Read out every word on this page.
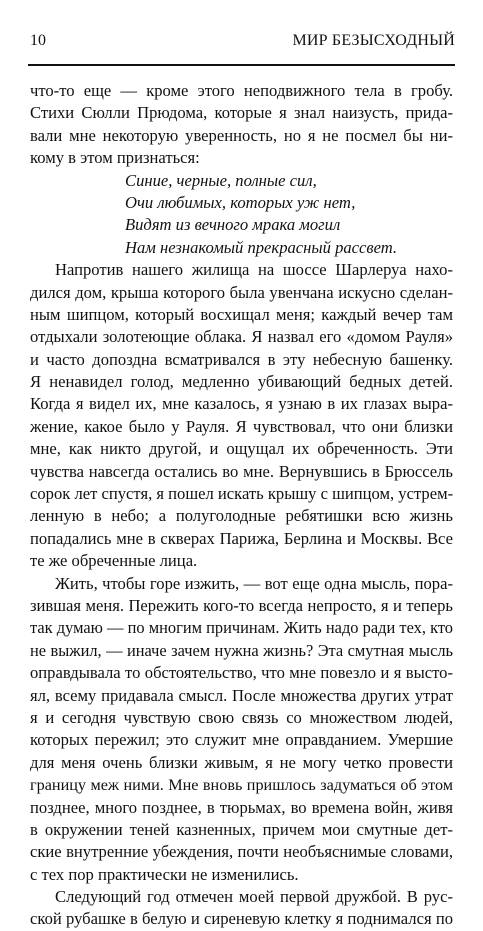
10	МИР БЕЗЫСХОДНЫЙ
что-то еще — кроме этого неподвижного тела в гробу.
Стихи Сюлли Прюдома, которые я знал наизусть, прида-
вали мне некоторую уверенность, но я не посмел бы ни-
кому в этом признаться:
Синие, черные, полные сил,
Очи любимых, которых уж нет,
Видят из вечного мрака могил
Нам незнакомый прекрасный рассвет.
Напротив нашего жилища на шоссе Шарлеруа нахо-
дился дом, крыша которого была увенчана искусно сделан-
ным шипцом, который восхищал меня; каждый вечер там
отдыхали золотеющие облака. Я назвал его «домом Рауля»
и часто допоздна всматривался в эту небесную башенку.
Я ненавидел голод, медленно убивающий бедных детей.
Когда я видел их, мне казалось, я узнаю в их глазах выра-
жение, какое было у Рауля. Я чувствовал, что они близки
мне, как никто другой, и ощущал их обреченность. Эти
чувства навсегда остались во мне. Вернувшись в Брюссель
сорок лет спустя, я пошел искать крышу с шипцом, устрем-
ленную в небо; а полуголодные ребятишки всю жизнь
попадались мне в скверах Парижа, Берлина и Москвы. Все
те же обреченные лица.
Жить, чтобы горе изжить, — вот еще одна мысль, пора-
зившая меня. Пережить кого-то всегда непросто, я и теперь
так думаю — по многим причинам. Жить надо ради тех, кто
не выжил, — иначе зачем нужна жизнь? Эта смутная мысль
оправдывала то обстоятельство, что мне повезло и я высто-
ял, всему придавала смысл. После множества других утрат
я и сегодня чувствую свою связь со множеством людей,
которых пережил; это служит мне оправданием. Умершие
для меня очень близки живым, я не могу четко провести
границу меж ними. Мне вновь пришлось задуматься об этом
позднее, много позднее, в тюрьмах, во времена войн, живя
в окружении теней казненных, причем мои смутные дет-
ские внутренние убеждения, почти необъяснимые словами,
с тех пор практически не изменились.
Следующий год отмечен моей первой дружбой. В рус-
ской рубашке в белую и сиреневую клетку я поднимался по
